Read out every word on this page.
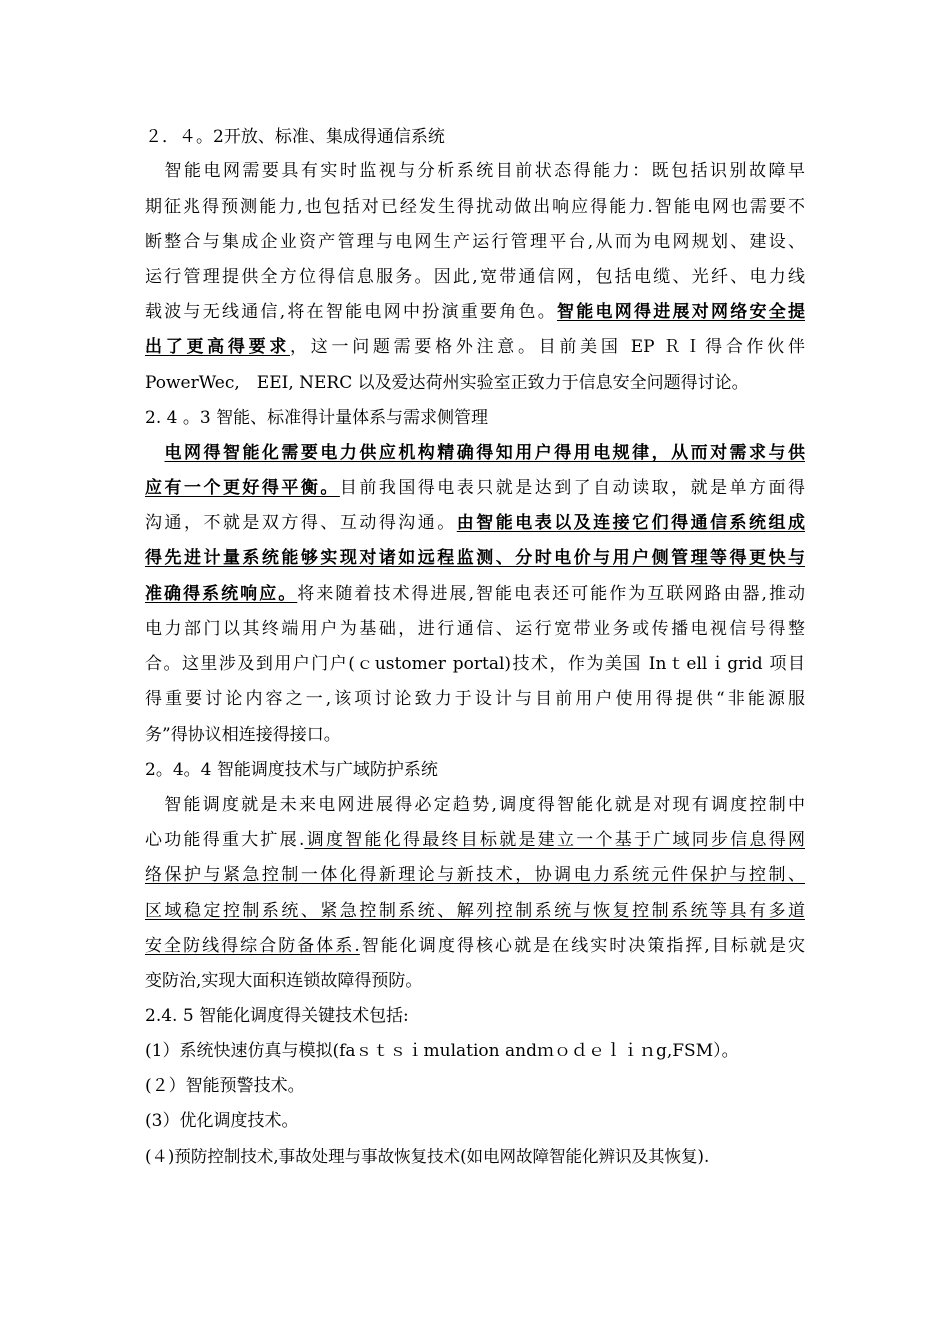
２．４。2开放、标准、集成得通信系统
　智能电网需要具有实时监视与分析系统目前状态得能力：既包括识别故障早
期征兆得预测能力,也包括对已经发生得扰动做出响应得能力.智能电网也需要不
断整合与集成企业资产管理与电网生产运行管理平台,从而为电网规划、建设、
运行管理提供全方位得信息服务。因此,宽带通信网，包括电缆、光纤、电力线
载波与无线通信,将在智能电网中扮演重要角色。智能电网得进展对网络安全提
出了更高得要求，这一问题需要格外注意。目前美国 EP ＲＩ得合作伙伴
PowerWec,　EEI, NERC 以及爱达荷州实验室正致力于信息安全问题得讨论。
2. 4 。3 智能、标准得计量体系与需求侧管理
　电网得智能化需要电力供应机构精确得知用户得用电规律，从而对需求与供
应有一个更好得平衡。目前我国得电表只就是达到了自动读取，就是单方面得
沟通，不就是双方得、互动得沟通。由智能电表以及连接它们得通信系统组成
得先进计量系统能够实现对诸如远程监测、分时电价与用户侧管理等得更快与
准确得系统响应。将来随着技术得进展,智能电表还可能作为互联网路由器,推动
电力部门以其终端用户为基础，进行通信、运行宽带业务或传播电视信号得整
合。这里涉及到用户门户(ｃustomer portal)技术，作为美国 Inｔellｉgrid 项目
得重要讨论内容之一,该项讨论致力于设计与目前用户使用得提供“非能源服
务”得协议相连接得接口。
2。4。4 智能调度技术与广域防护系统
　智能调度就是未来电网进展得必定趋势,调度得智能化就是对现有调度控制中
心功能得重大扩展.调度智能化得最终目标就是建立一个基于广域同步信息得网
络保护与紧急控制一体化得新理论与新技术，协调电力系统元件保护与控制、
区域稳定控制系统、紧急控制系统、解列控制系统与恢复控制系统等具有多道
安全防线得综合防备体系.智能化调度得核心就是在线实时决策指挥,目标就是灾
变防治,实现大面积连锁故障得预防。
2.4. 5 智能化调度得关键技术包括:
(1）系统快速仿真与模拟(faｓｔｓｉmulation andｍｏｄｅｌｉｎg,FSM）。
(２）智能预警技术。
(3）优化调度技术。
(４)预防控制技术,事故处理与事故恢复技术(如电网故障智能化辨识及其恢复).
